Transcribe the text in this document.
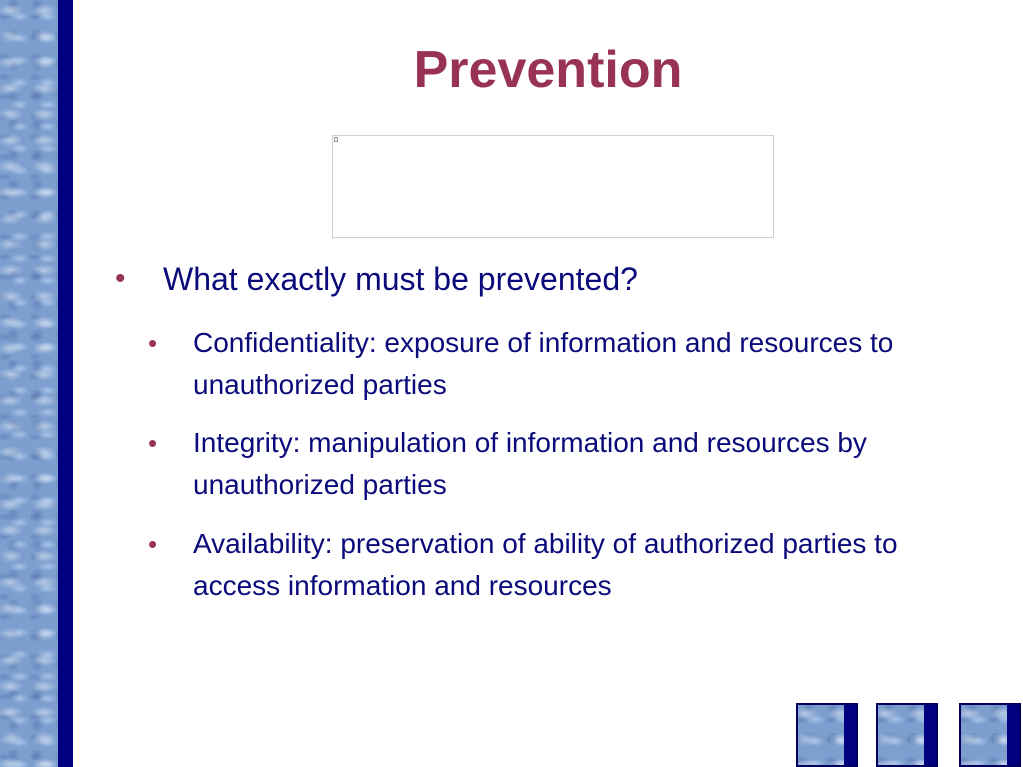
Prevention
•	What exactly must be prevented?
•	Confidentiality: exposure of information and resources to unauthorized parties
•	Integrity: manipulation of information and resources by unauthorized parties
•	Availability: preservation of ability of authorized parties to access information and resources
